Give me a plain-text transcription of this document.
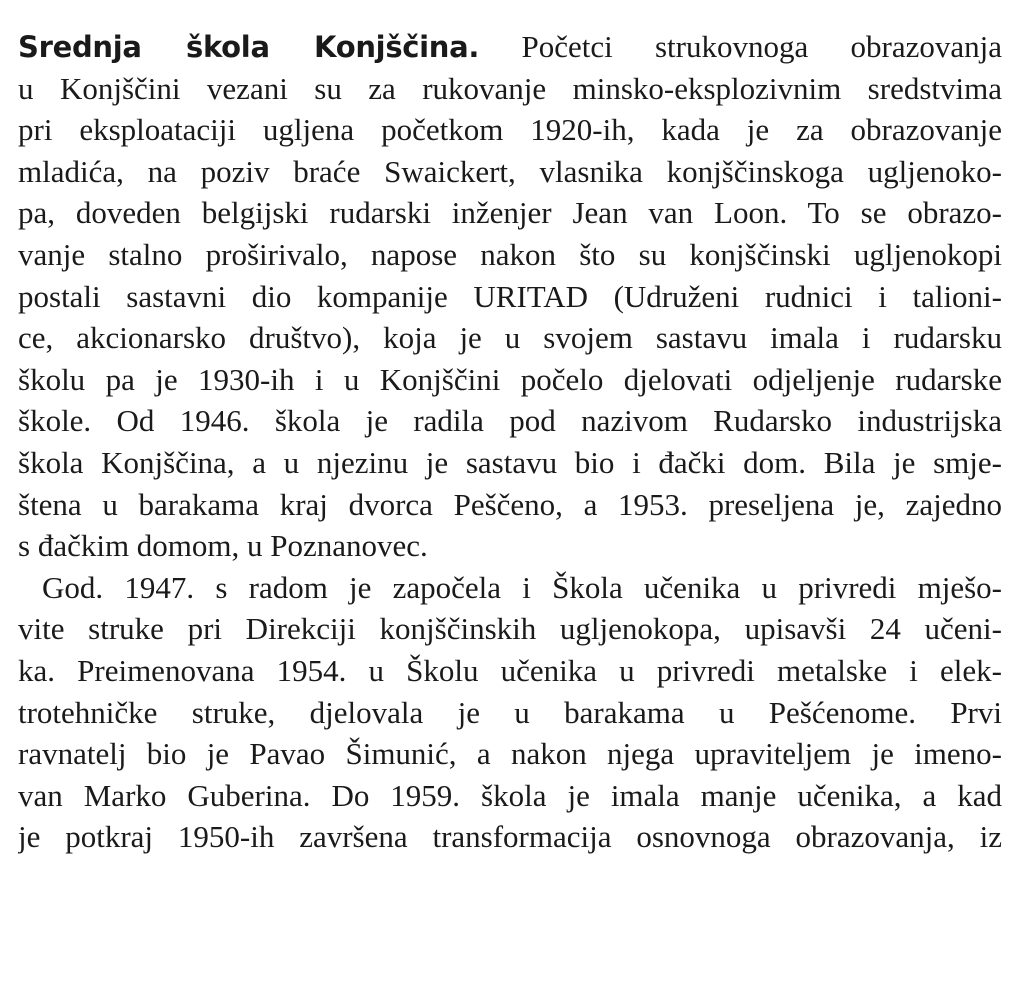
Srednja škola Konjščina. Početci strukovnoga obrazovanja
u Konjščini vezani su za rukovanje minsko-eksplozivnim sredstvima
pri eksploataciji ugljena početkom 1920-ih, kada je za obrazovanje
mladića, na poziv braće Swaickert, vlasnika konjščinskoga ugljenoko-
pa, doveden belgijski rudarski inženjer Jean van Loon. To se obrazo-
vanje stalno proširivalo, napose nakon što su konjščinski ugljenokopi
postali sastavni dio kompanije URITAD (Udruženi rudnici i talioni-
ce, akcionarsko društvo), koja je u svojem sastavu imala i rudarsku
školu pa je 1930-ih i u Konjščini počelo djelovati odjeljenje rudarske
škole. Od 1946. škola je radila pod nazivom Rudarsko industrijska
škola Konjščina, a u njezinu je sastavu bio i đački dom. Bila je smje-
štena u barakama kraj dvorca Peščeno, a 1953. preseljena je, zajedno
s đačkim domom, u Poznanovec.
God. 1947. s radom je započela i Škola učenika u privredi mješo-
vite struke pri Direkciji konjščinskih ugljenokopa, upisavši 24 učeni-
ka. Preimenovana 1954. u Školu učenika u privredi metalske i elek-
trotehničke struke, djelovala je u barakama u Pešćenome. Prvi
ravnatelj bio je Pavao Šimunić, a nakon njega upraviteljem je imeno-
van Marko Guberina. Do 1959. škola je imala manje učenika, a kad
je potkraj 1950-ih završena transformacija osnovnoga obrazovanja, iz
